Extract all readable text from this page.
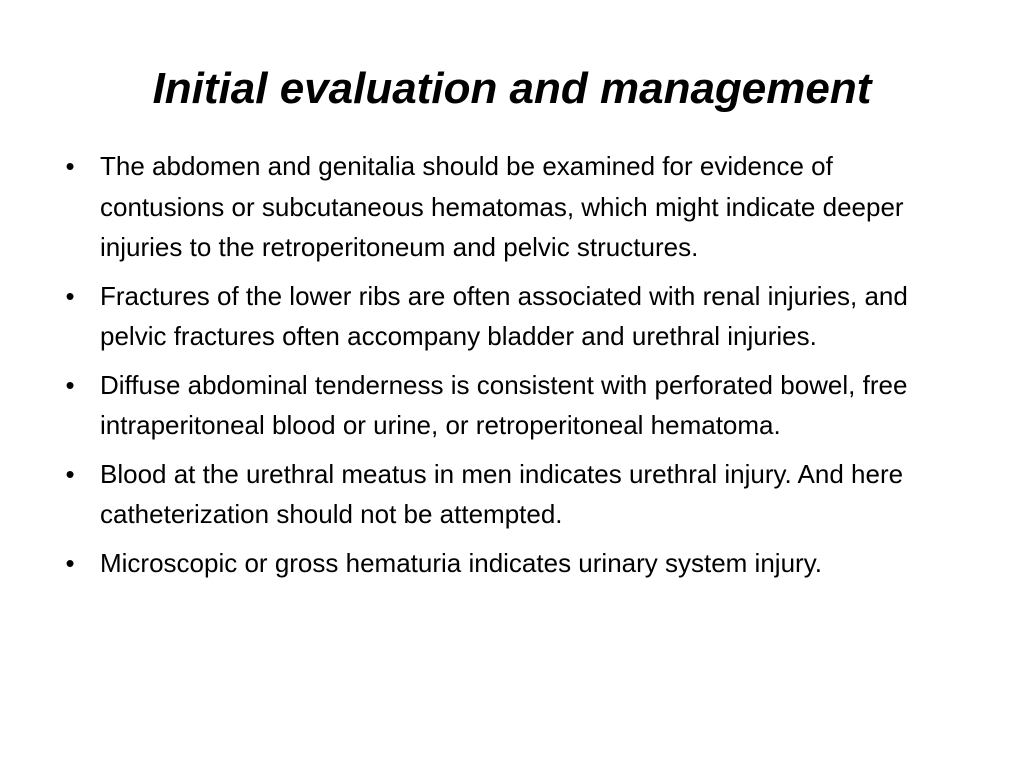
Initial evaluation and management
• The abdomen and genitalia should be examined for evidence of contusions or subcutaneous hematomas, which might indicate deeper injuries to the retroperitoneum and pelvic structures.
• Fractures of the lower ribs are often associated with renal injuries, and pelvic fractures often accompany bladder and urethral injuries.
• Diffuse abdominal tenderness is consistent with perforated bowel, free intraperitoneal blood or urine, or retroperitoneal hematoma.
• Blood at the urethral meatus in men indicates urethral injury. And here catheterization should not be attempted.
• Microscopic or gross hematuria indicates urinary system injury.
